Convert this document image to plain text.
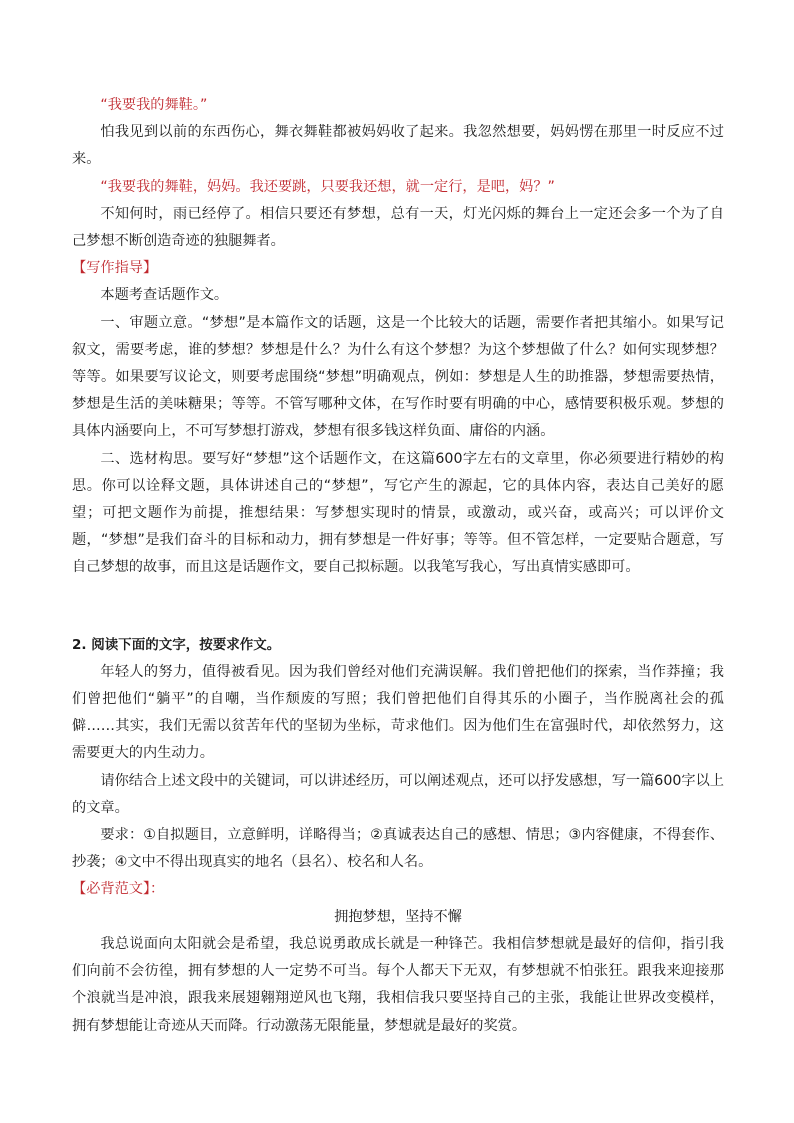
“我要我的舞鞋。”

怕我见到以前的东西伤心，舞衣舞鞋都被妈妈收了起来。我忽然想要，妈妈愣在那里一时反应不过来。

“我要我的舞鞋，妈妈。我还要跳，只要我还想，就一定行，是吧，妈？”

不知何时，雨已经停了。相信只要还有梦想，总有一天，灯光闪烁的舞台上一定还会多一个为了自己梦想不断创造奇迹的独腿舞者。

【写作指导】

本题考查话题作文。

一、审题立意。“梦想”是本篇作文的话题，这是一个比较大的话题，需要作者把其缩小。如果写记叙文，需要考虑，谁的梦想？梦想是什么？为什么有这个梦想？为这个梦想做了什么？如何实现梦想？等等。如果要写议论文，则要考虑围绕“梦想”明确观点，例如：梦想是人生的助推器，梦想需要热情，梦想是生活的美味糖果；等等。不管写哪种文体，在写作时要有明确的中心，感情要积极乐观。梦想的具体内涵要向上，不可写梦想打游戏，梦想有很多钱这样负面、庸俗的内涵。

二、选材构思。要写好“梦想”这个话题作文，在这篇600字左右的文章里，你必须要进行精妙的构思。你可以诠释文题，具体讲述自己的“梦想”，写它产生的源起，它的具体内容，表达自己美好的愿望；可把文题作为前提，推想结果：写梦想实现时的情景，或激动，或兴奋，或高兴；可以评价文题，“梦想”是我们奋斗的目标和动力，拥有梦想是一件好事；等等。但不管怎样，一定要贴合题意，写自己梦想的故事，而且这是话题作文，要自己拟标题。以我笔写我心，写出真情实感即可。

2. 阅读下面的文字，按要求作文。

年轻人的努力，值得被看见。因为我们曾经对他们充满误解。我们曾把他们的探索，当作莽撞；我们曾把他们“躺平”的自嘲，当作颓废的写照；我们曾把他们自得其乐的小圈子，当作脱离社会的孤僻……其实，我们无需以贫苦年代的坚韧为坐标，苛求他们。因为他们生在富强时代，却依然努力，这需要更大的内生动力。

请你结合上述文段中的关键词，可以讲述经历，可以阐述观点，还可以抒发感想，写一篇600字以上的文章。

要求：①自拟题目，立意鲜明，详略得当；②真诚表达自己的感想、情思；③内容健康，不得套作、抄袭；④文中不得出现真实的地名（县名）、校名和人名。

【必背范文】：

拥抱梦想，坚持不懈

我总说面向太阳就会是希望，我总说勇敢成长就是一种锋芒。我相信梦想就是最好的信仰，指引我们向前不会彷徨，拥有梦想的人一定势不可当。每个人都天下无双，有梦想就不怕张狂。跟我来迎接那个浪就当是冲浪，跟我来展翅翱翔逆风也飞翔，我相信我只要坚持自己的主张，我能让世界改变模样，拥有梦想能让奇迹从天而降。行动激荡无限能量，梦想就是最好的奖赏。
